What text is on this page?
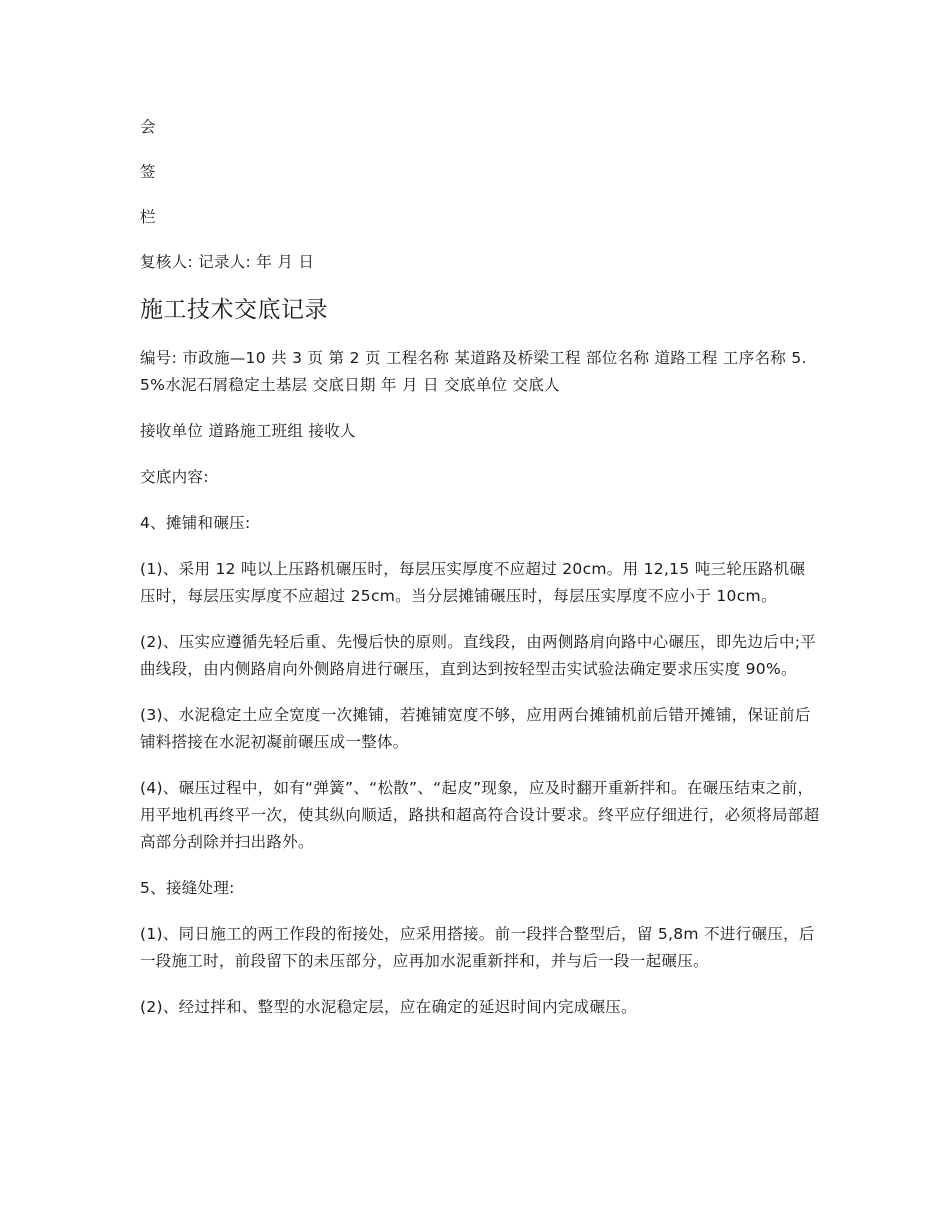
会

签

栏

复核人: 记录人: 年 月 日

施工技术交底记录

编号: 市政施—10 共 3 页 第 2 页 工程名称 某道路及桥梁工程 部位名称 道路工程 工序名称 5.5%水泥石屑稳定土基层 交底日期 年 月 日 交底单位 交底人

接收单位 道路施工班组 接收人

交底内容:

4、摊铺和碾压:

(1)、采用 12 吨以上压路机碾压时，每层压实厚度不应超过 20cm。用 12,15 吨三轮压路机碾压时，每层压实厚度不应超过 25cm。当分层摊铺碾压时，每层压实厚度不应小于 10cm。

(2)、压实应遵循先轻后重、先慢后快的原则。直线段，由两侧路肩向路中心碾压，即先边后中;平曲线段，由内侧路肩向外侧路肩进行碾压，直到达到按轻型击实试验法确定要求压实度 90%。

(3)、水泥稳定土应全宽度一次摊铺，若摊铺宽度不够，应用两台摊铺机前后错开摊铺，保证前后铺料搭接在水泥初凝前碾压成一整体。

(4)、碾压过程中，如有“弹簧”、“松散”、“起皮”现象，应及时翻开重新拌和。在碾压结束之前，用平地机再终平一次，使其纵向顺适，路拱和超高符合设计要求。终平应仔细进行，必须将局部超高部分刮除并扫出路外。

5、接缝处理:

(1)、同日施工的两工作段的衔接处，应采用搭接。前一段拌合整型后，留 5,8m 不进行碾压，后一段施工时，前段留下的未压部分，应再加水泥重新拌和，并与后一段一起碾压。

(2)、经过拌和、整型的水泥稳定层，应在确定的延迟时间内完成碾压。
